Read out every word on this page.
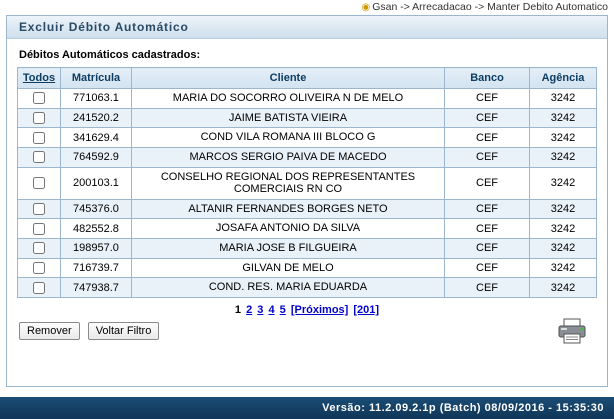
◉ Gsan -> Arrecadacao -> Manter Debito Automatico
Excluir Débito Automático
Débitos Automáticos cadastrados:
Todos	Matrícula	Cliente	Banco	Agência
	771063.1	MARIA DO SOCORRO OLIVEIRA N DE MELO	CEF	3242
	241520.2	JAIME BATISTA VIEIRA	CEF	3242
	341629.4	COND VILA ROMANA III BLOCO G	CEF	3242
	764592.9	MARCOS SERGIO PAIVA DE MACEDO	CEF	3242
	200103.1	CONSELHO REGIONAL DOS REPRESENTANTES COMERCIAIS RN CO	CEF	3242
	745376.0	ALTANIR FERNANDES BORGES NETO	CEF	3242
	482552.8	JOSAFA ANTONIO DA SILVA	CEF	3242
	198957.0	MARIA JOSE B FILGUEIRA	CEF	3242
	716739.7	GILVAN DE MELO	CEF	3242
	747938.7	COND. RES. MARIA EDUARDA	CEF	3242
1 2 3 4 5 [Próximos] [201]
Remover Voltar Filtro
Versão: 11.2.09.2.1p (Batch) 08/09/2016 - 15:35:30
